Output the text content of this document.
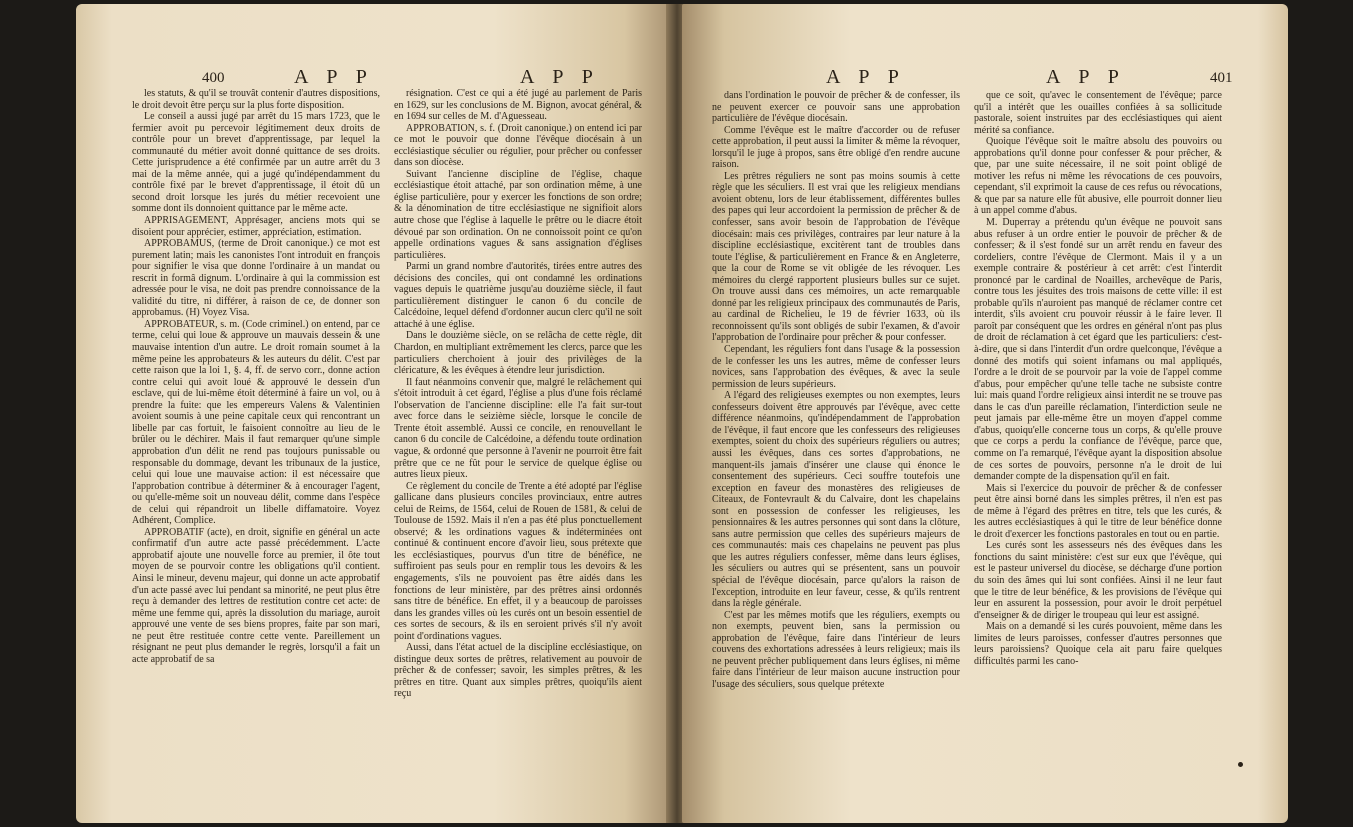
400	A P P	A P P

les statuts, & qu'il se trouvât contenir d'autres dispositions, le droit devoit être perçu sur la plus forte disposition.

Le conseil a aussi jugé par arrêt du 15 mars 1723, que le fermier avoit pu percevoir légitimement deux droits de contrôle pour un brevet d'apprentissage, par lequel la communauté du métier avoit donné quittance de ses droits. Cette jurisprudence a été confirmée par un autre arrêt du 3 mai de la même année, qui a jugé qu'indépendamment du contrôle fixé par le brevet d'apprentissage, il étoit dû un second droit lorsque les jurés du métier recevoient une somme dont ils donnoient quittance par le même acte.

APPRISAGEMENT, Apprésager, anciens mots qui se disoient pour apprécier, estimer, appréciation, estimation.

APPROBAMUS, (terme de Droit canonique.) ce mot est purement latin; mais les canonistes l'ont introduit en françois pour signifier le visa que donne l'ordinaire à un mandat ou rescrit in formâ dignum. L'ordinaire à qui la commission est adressée pour le visa, ne doit pas prendre connoissance de la validité du titre, ni différer, à raison de ce, de donner son approbamus. (H) Voyez Visa.

APPROBATEUR, s. m. (Code criminel.) on entend, par ce terme, celui qui loue & approuve un mauvais dessein & une mauvaise intention d'un autre. Le droit romain soumet à la même peine les approbateurs & les auteurs du délit. C'est par cette raison que la loi 1, §. 4, ff. de servo corr., donne action contre celui qui avoit loué & approuvé le dessein d'un esclave, qui de lui-même étoit déterminé à faire un vol, ou à prendre la fuite: que les empereurs Valens & Valentinien avoient soumis à une peine capitale ceux qui rencontrant un libelle par cas fortuit, le faisoient connoître au lieu de le brûler ou le déchirer. Mais il faut remarquer qu'une simple approbation d'un délit ne rend pas toujours punissable ou responsable du dommage, devant les tribunaux de la justice, celui qui loue une mauvaise action: il est nécessaire que l'approbation contribue à déterminer & à encourager l'agent, ou qu'elle-même soit un nouveau délit, comme dans l'espèce de celui qui répandroit un libelle diffamatoire. Voyez Adhérent, Complice.

APPROBATIF (acte), en droit, signifie en général un acte confirmatif d'un autre acte passé précédemment. L'acte approbatif ajoute une nouvelle force au premier, il ôte tout moyen de se pourvoir contre les obligations qu'il contient. Ainsi le mineur, devenu majeur, qui donne un acte approbatif d'un acte passé avec lui pendant sa minorité, ne peut plus être reçu à demander des lettres de restitution contre cet acte: de même une femme qui, après la dissolution du mariage, auroit approuvé une vente de ses biens propres, faite par son mari, ne peut être restituée contre cette vente. Pareillement un résignant ne peut plus demander le regrès, lorsqu'il a fait un acte approbatif de sa

résignation. C'est ce qui a été jugé au parlement de Paris en 1629, sur les conclusions de M. Bignon, avocat général, & en 1694 sur celles de M. d'Aguesseau.

APPROBATION, s. f. (Droit canonique.) on entend ici par ce mot le pouvoir que donne l'évêque diocésain à un ecclésiastique séculier ou régulier, pour prêcher ou confesser dans son diocèse.

Suivant l'ancienne discipline de l'église, chaque ecclésiastique étoit attaché, par son ordination même, à une église particulière, pour y exercer les fonctions de son ordre; & la dénomination de titre ecclésiastique ne signifioit alors autre chose que l'église à laquelle le prêtre ou le diacre étoit dévoué par son ordination. On ne connoissoit point ce qu'on appelle ordinations vagues & sans assignation d'églises particulières.

Parmi un grand nombre d'autorités, tirées entre autres des décisions des conciles, qui ont condamné les ordinations vagues depuis le quatrième jusqu'au douzième siècle, il faut particulièrement distinguer le canon 6 du concile de Calcédoine, lequel défend d'ordonner aucun clerc qu'il ne soit attaché à une église.

Dans le douzième siècle, on se relâcha de cette règle, dit Chardon, en multipliant extrêmement les clercs, parce que les particuliers cherchoient à jouir des privilèges de la cléricature, & les évêques à étendre leur jurisdiction.

Il faut néanmoins convenir que, malgré le relâchement qui s'étoit introduit à cet égard, l'église a plus d'une fois réclamé l'observation de l'ancienne discipline: elle l'a fait sur-tout avec force dans le seizième siècle, lorsque le concile de Trente étoit assemblé. Aussi ce concile, en renouvellant le canon 6 du concile de Calcédoine, a défendu toute ordination vague, & ordonné que personne à l'avenir ne pourroit être fait prêtre que ce ne fût pour le service de quelque église ou autres lieux pieux.

Ce règlement du concile de Trente a été adopté par l'église gallicane dans plusieurs conciles provinciaux, entre autres celui de Reims, de 1564, celui de Rouen de 1581, & celui de Toulouse de 1592. Mais il n'en a pas été plus ponctuellement observé; & les ordinations vagues & indéterminées ont continué & continuent encore d'avoir lieu, sous prétexte que les ecclésiastiques, pourvus d'un titre de bénéfice, ne suffiroient pas seuls pour en remplir tous les devoirs & les engagements, s'ils ne pouvoient pas être aidés dans les fonctions de leur ministère, par des prêtres ainsi ordonnés sans titre de bénéfice. En effet, il y a beaucoup de paroisses dans les grandes villes où les curés ont un besoin essentiel de ces sortes de secours, & ils en seroient privés s'il n'y avoit point d'ordinations vagues.

Aussi, dans l'état actuel de la discipline ecclésiastique, on distingue deux sortes de prêtres, relativement au pouvoir de prêcher & de confesser; savoir, les simples prêtres, & les prêtres en titre. Quant aux simples prêtres, quoiqu'ils aient reçu

A P P	A P P	401

dans l'ordination le pouvoir de prêcher & de confesser, ils ne peuvent exercer ce pouvoir sans une approbation particulière de l'évêque diocésain.

Comme l'évêque est le maître d'accorder ou de refuser cette approbation, il peut aussi la limiter & même la révoquer, lorsqu'il le juge à propos, sans être obligé d'en rendre aucune raison.

Les prêtres réguliers ne sont pas moins soumis à cette règle que les séculiers. Il est vrai que les religieux mendians avoient obtenu, lors de leur établissement, différentes bulles des papes qui leur accordoient la permission de prêcher & de confesser, sans avoir besoin de l'approbation de l'évêque diocésain: mais ces privilèges, contraires par leur nature à la discipline ecclésiastique, excitèrent tant de troubles dans toute l'église, & particulièrement en France & en Angleterre, que la cour de Rome se vit obligée de les révoquer. Les mémoires du clergé rapportent plusieurs bulles sur ce sujet. On trouve aussi dans ces mémoires, un acte remarquable donné par les religieux principaux des communautés de Paris, au cardinal de Richelieu, le 19 de février 1633, où ils reconnoissent qu'ils sont obligés de subir l'examen, & d'avoir l'approbation de l'ordinaire pour prêcher & pour confesser.

Cependant, les réguliers font dans l'usage & la possession de le confesser les uns les autres, même de confesser leurs novices, sans l'approbation des évêques, & avec la seule permission de leurs supérieurs.

A l'égard des religieuses exemptes ou non exemptes, leurs confesseurs doivent être approuvés par l'évêque, avec cette différence néanmoins, qu'indépendamment de l'approbation de l'évêque, il faut encore que les confesseurs des religieuses exemptes, soient du choix des supérieurs réguliers ou autres; aussi les évêques, dans ces sortes d'approbations, ne manquent-ils jamais d'insérer une clause qui énonce le consentement des supérieurs. Ceci souffre toutefois une exception en faveur des monastères des religieuses de Citeaux, de Fontevrault & du Calvaire, dont les chapelains sont en possession de confesser les religieuses, les pensionnaires & les autres personnes qui sont dans la clôture, sans autre permission que celles des supérieurs majeurs de ces communautés: mais ces chapelains ne peuvent pas plus que les autres réguliers confesser, même dans leurs églises, les séculiers ou autres qui se présentent, sans un pouvoir spécial de l'évêque diocésain, parce qu'alors la raison de l'exception, introduite en leur faveur, cesse, & qu'ils rentrent dans la règle générale.

C'est par les mêmes motifs que les réguliers, exempts ou non exempts, peuvent bien, sans la permission ou approbation de l'évêque, faire dans l'intérieur de leurs couvens des exhortations adressées à leurs religieux; mais ils ne peuvent prêcher publiquement dans leurs églises, ni même faire dans l'intérieur de leur maison aucune instruction pour l'usage des séculiers, sous quelque prétexte

que ce soit, qu'avec le consentement de l'évêque; parce qu'il a intérêt que les ouailles confiées à sa sollicitude pastorale, soient instruites par des ecclésiastiques qui aient mérité sa confiance.

Quoique l'évêque soit le maître absolu des pouvoirs ou approbations qu'il donne pour confesser & pour prêcher, & que, par une suite nécessaire, il ne soit point obligé de motiver les refus ni même les révocations de ces pouvoirs, cependant, s'il exprimoit la cause de ces refus ou révocations, & que par sa nature elle fût abusive, elle pourroit donner lieu à un appel comme d'abus.

M. Duperray a prétendu qu'un évêque ne pouvoit sans abus refuser à un ordre entier le pouvoir de prêcher & de confesser; & il s'est fondé sur un arrêt rendu en faveur des cordeliers, contre l'évêque de Clermont. Mais il y a un exemple contraire & postérieur à cet arrêt: c'est l'interdit prononcé par le cardinal de Noailles, archevêque de Paris, contre tous les jésuites des trois maisons de cette ville: il est probable qu'ils n'auroient pas manqué de réclamer contre cet interdit, s'ils avoient cru pouvoir réussir à le faire lever. Il paroît par conséquent que les ordres en général n'ont pas plus de droit de réclamation à cet égard que les particuliers: c'est-à-dire, que si dans l'interdit d'un ordre quelconque, l'évêque a donné des motifs qui soient infamans ou mal appliqués, l'ordre a le droit de se pourvoir par la voie de l'appel comme d'abus, pour empêcher qu'une telle tache ne subsiste contre lui: mais quand l'ordre religieux ainsi interdit ne se trouve pas dans le cas d'un pareille réclamation, l'interdiction seule ne peut jamais par elle-même être un moyen d'appel comme d'abus, quoiqu'elle concerne tous un corps, & qu'elle prouve que ce corps a perdu la confiance de l'évêque, parce que, comme on l'a remarqué, l'évêque ayant la disposition absolue de ces sortes de pouvoirs, personne n'a le droit de lui demander compte de la dispensation qu'il en fait.

Mais si l'exercice du pouvoir de prêcher & de confesser peut être ainsi borné dans les simples prêtres, il n'en est pas de même à l'égard des prêtres en titre, tels que les curés, & les autres ecclésiastiques à qui le titre de leur bénéfice donne le droit d'exercer les fonctions pastorales en tout ou en partie.

Les curés sont les assesseurs nés des évêques dans les fonctions du saint ministère: c'est sur eux que l'évêque, qui est le pasteur universel du diocèse, se décharge d'une portion du soin des âmes qui lui sont confiées. Ainsi il ne leur faut que le titre de leur bénéfice, & les provisions de l'évêque qui leur en assurent la possession, pour avoir le droit perpétuel d'enseigner & de diriger le troupeau qui leur est assigné.

Mais on a demandé si les curés pouvoient, même dans les limites de leurs paroisses, confesser d'autres personnes que leurs paroissiens? Quoique cela ait paru faire quelques difficultés parmi les cano-
